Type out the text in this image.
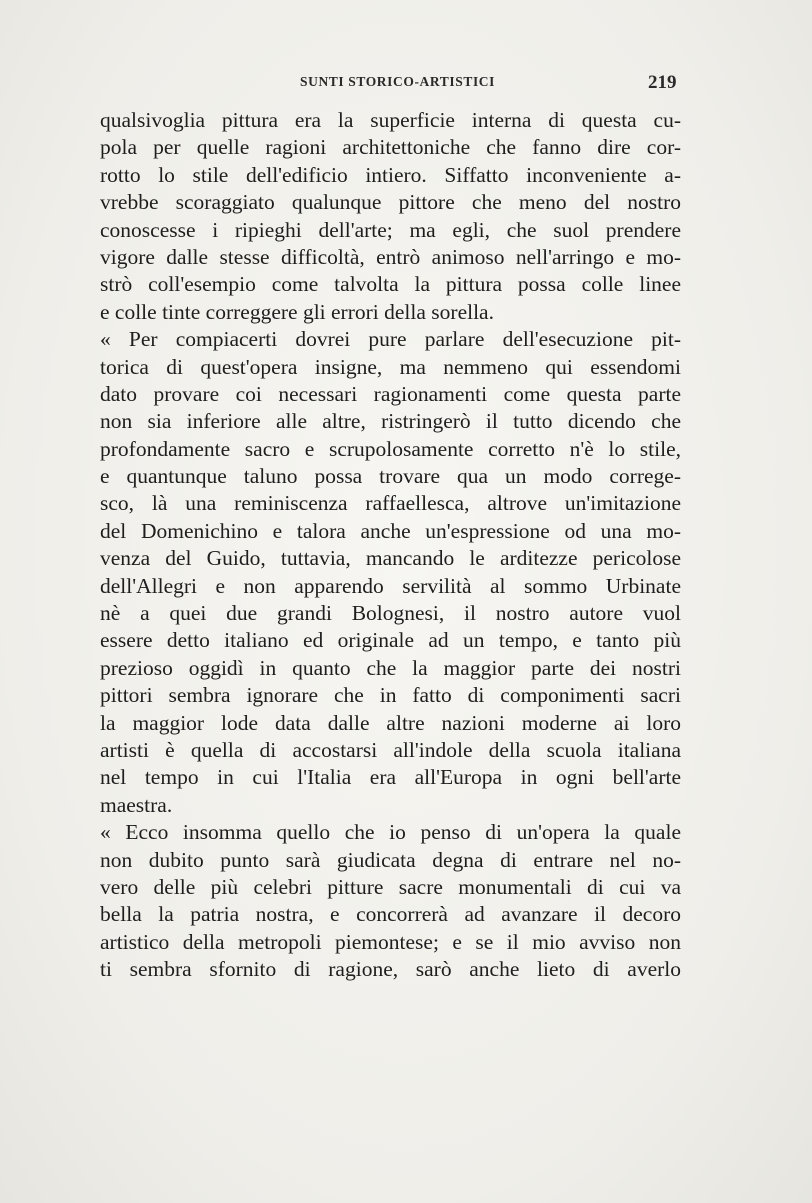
SUNTI STORICO-ARTISTICI	219
qualsivoglia pittura era la superficie interna di questa cu-
pola per quelle ragioni architettoniche che fanno dire cor-
rotto lo stile dell'edificio intiero. Siffatto inconveniente a-
vrebbe scoraggiato qualunque pittore che meno del nostro
conoscesse i ripieghi dell'arte; ma egli, che suol prendere
vigore dalle stesse difficoltà, entrò animoso nell'arringo e mo-
strò coll'esempio come talvolta la pittura possa colle linee
e colle tinte correggere gli errori della sorella.
« Per compiacerti dovrei pure parlare dell'esecuzione pit-
torica di quest'opera insigne, ma nemmeno qui essendomi
dato provare coi necessari ragionamenti come questa parte
non sia inferiore alle altre, ristringerò il tutto dicendo che
profondamente sacro e scrupolosamente corretto n'è lo stile,
e quantunque taluno possa trovare qua un modo correge-
sco, là una reminiscenza raffaellesca, altrove un'imitazione
del Domenichino e talora anche un'espressione od una mo-
venza del Guido, tuttavia, mancando le arditezze pericolose
dell'Allegri e non apparendo servilità al sommo Urbinate
nè a quei due grandi Bolognesi, il nostro autore vuol
essere detto italiano ed originale ad un tempo, e tanto più
prezioso oggidì in quanto che la maggior parte dei nostri
pittori sembra ignorare che in fatto di componimenti sacri
la maggior lode data dalle altre nazioni moderne ai loro
artisti è quella di accostarsi all'indole della scuola italiana
nel tempo in cui l'Italia era all'Europa in ogni bell'arte
maestra.
« Ecco insomma quello che io penso di un'opera la quale
non dubito punto sarà giudicata degna di entrare nel no-
vero delle più celebri pitture sacre monumentali di cui va
bella la patria nostra, e concorrerà ad avanzare il decoro
artistico della metropoli piemontese; e se il mio avviso non
ti sembra sfornito di ragione, sarò anche lieto di averlo
